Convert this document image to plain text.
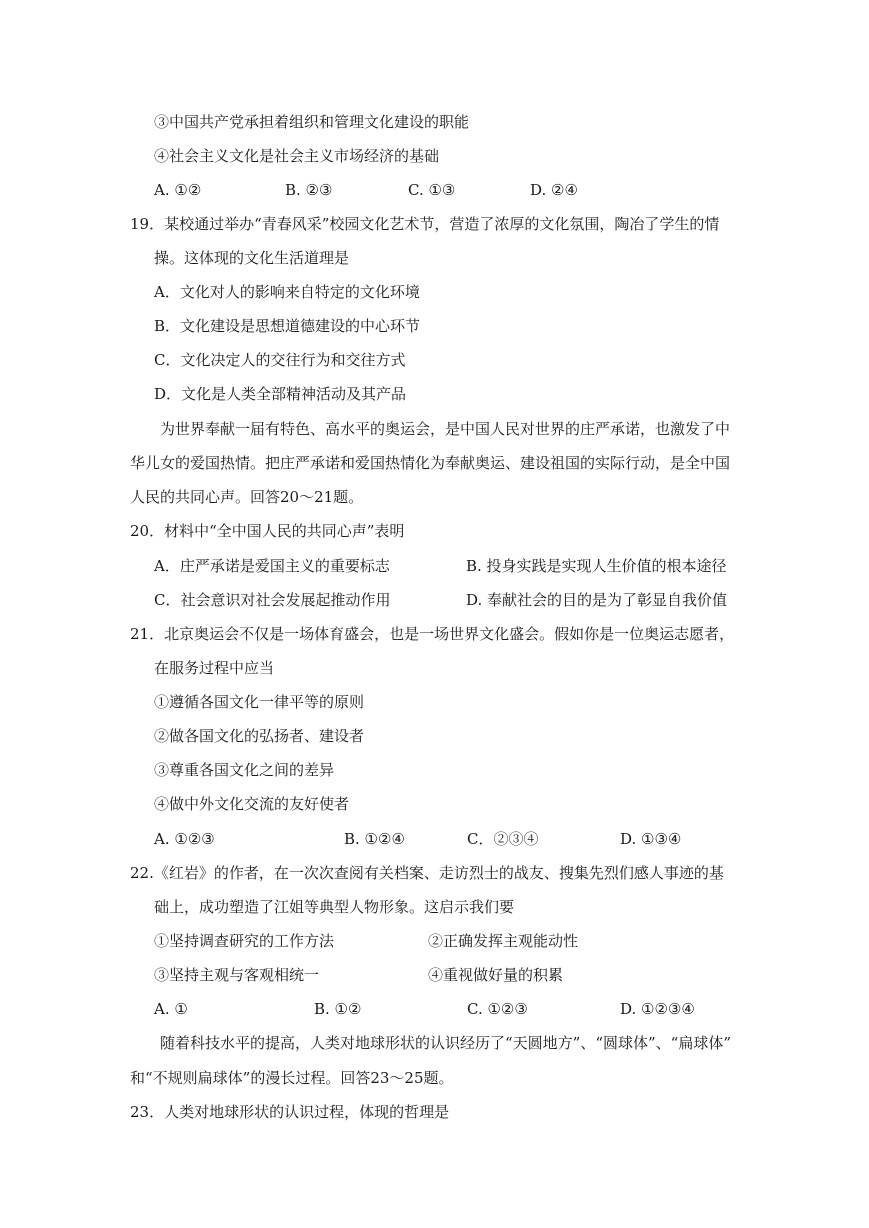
③中国共产党承担着组织和管理文化建设的职能
④社会主义文化是社会主义市场经济的基础
A. ①②	B. ②③	C. ①③	D. ②④
19．某校通过举办“青春风采”校园文化艺术节，营造了浓厚的文化氛围，陶冶了学生的情
操。这体现的文化生活道理是
A．文化对人的影响来自特定的文化环境
B．文化建设是思想道德建设的中心环节
C．文化决定人的交往行为和交往方式
D．文化是人类全部精神活动及其产品
为世界奉献一届有特色、高水平的奥运会，是中国人民对世界的庄严承诺，也激发了中
华儿女的爱国热情。把庄严承诺和爱国热情化为奉献奥运、建设祖国的实际行动，是全中国
人民的共同心声。回答20～21题。
20．材料中“全中国人民的共同心声”表明
A．庄严承诺是爱国主义的重要标志	B. 投身实践是实现人生价值的根本途径
C．社会意识对社会发展起推动作用	D. 奉献社会的目的是为了彰显自我价值
21．北京奥运会不仅是一场体育盛会，也是一场世界文化盛会。假如你是一位奥运志愿者，
在服务过程中应当
①遵循各国文化一律平等的原则
②做各国文化的弘扬者、建设者
③尊重各国文化之间的差异
④做中外文化交流的友好使者
A. ①②③	B. ①②④	C．②③④	D. ①③④
22.《红岩》的作者，在一次次查阅有关档案、走访烈士的战友、搜集先烈们感人事迹的基
础上，成功塑造了江姐等典型人物形象。这启示我们要
①坚持调查研究的工作方法	②正确发挥主观能动性
③坚持主观与客观相统一	④重视做好量的积累
A. ①	B. ①②	C. ①②③	D. ①②③④
随着科技水平的提高，人类对地球形状的认识经历了“天圆地方”、“圆球体”、“扁球体”
和“不规则扁球体”的漫长过程。回答23～25题。
23．人类对地球形状的认识过程，体现的哲理是
